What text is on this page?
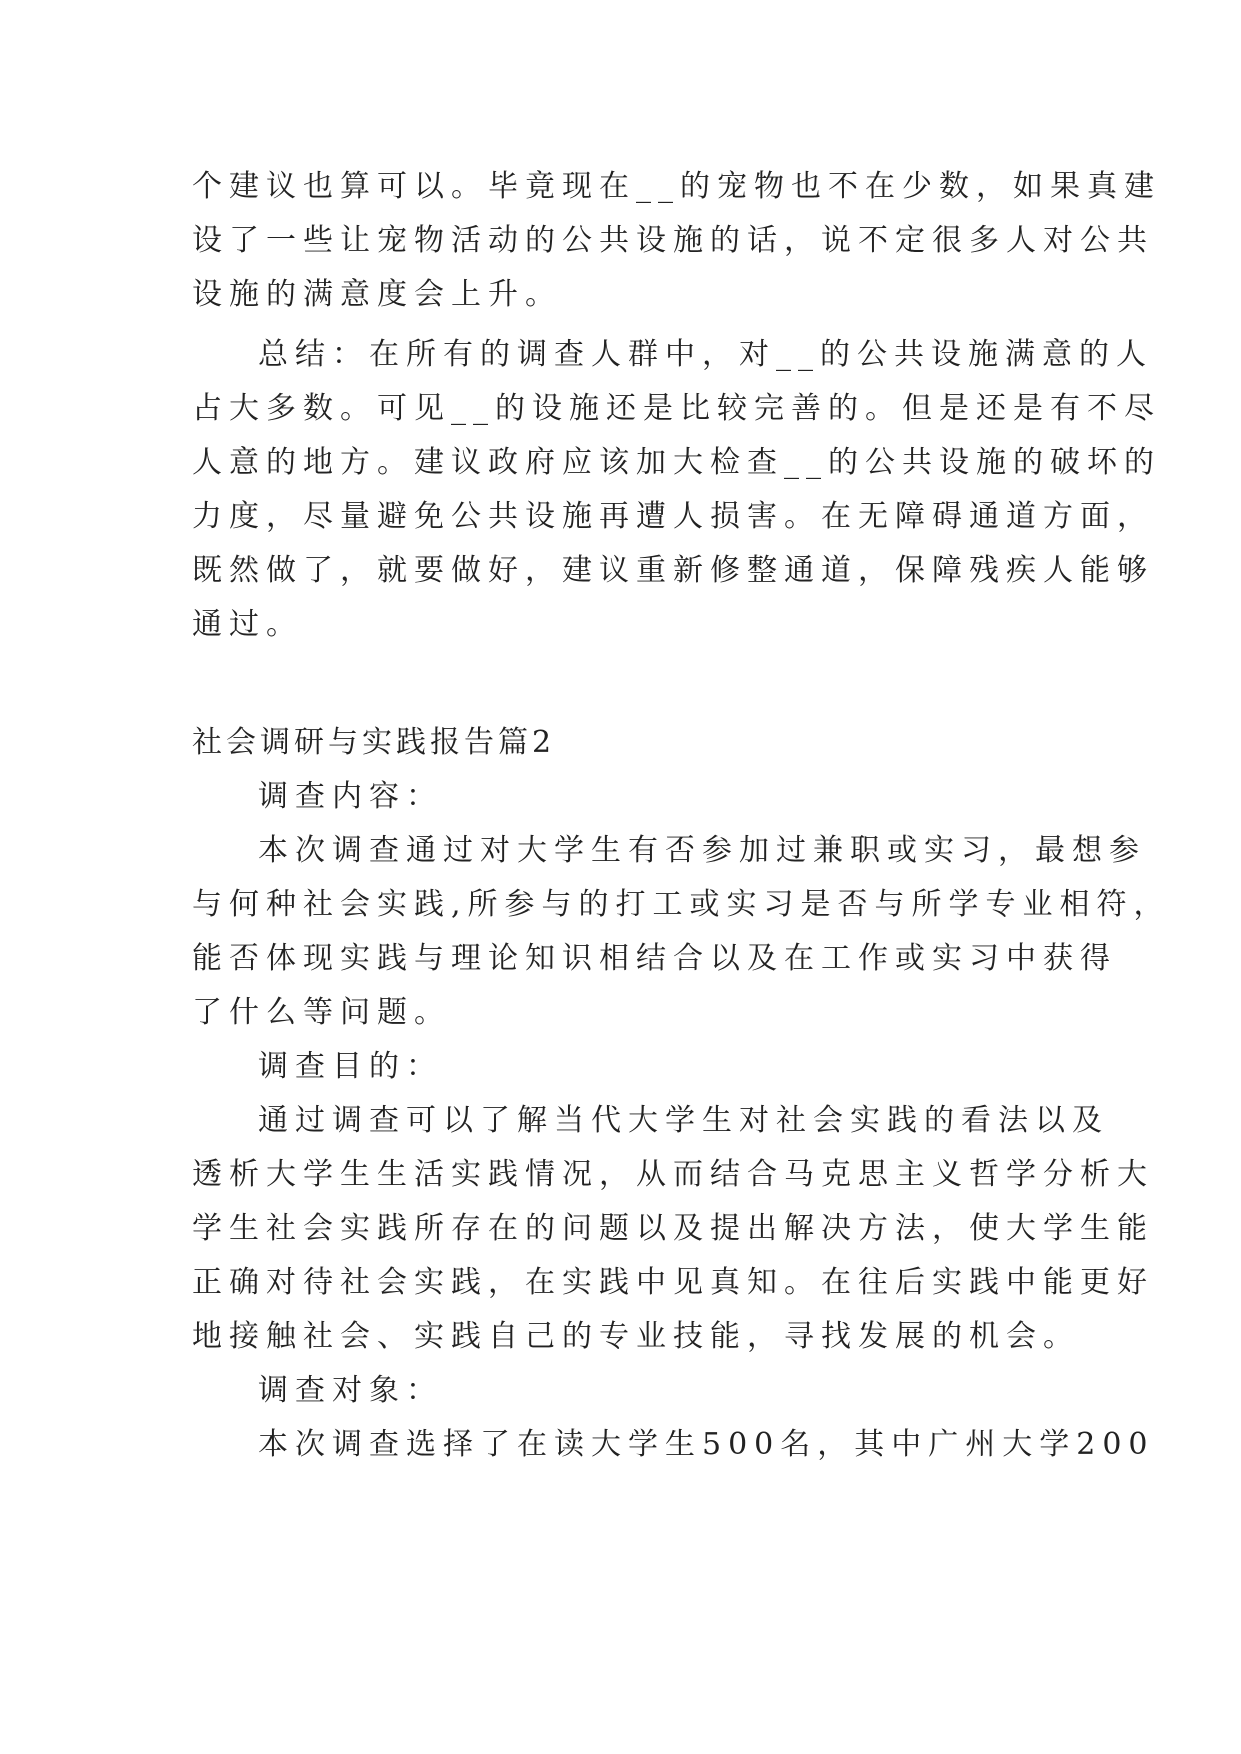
个建议也算可以。毕竟现在__的宠物也不在少数，如果真建
设了一些让宠物活动的公共设施的话，说不定很多人对公共
设施的满意度会上升。
总结：在所有的调查人群中，对__的公共设施满意的人
占大多数。可见__的设施还是比较完善的。但是还是有不尽
人意的地方。建议政府应该加大检查__的公共设施的破坏的
力度，尽量避免公共设施再遭人损害。在无障碍通道方面，
既然做了，就要做好，建议重新修整通道，保障残疾人能够
通过。
社会调研与实践报告篇2
调查内容：
本次调查通过对大学生有否参加过兼职或实习，最想参
与何种社会实践,所参与的打工或实习是否与所学专业相符，
能否体现实践与理论知识相结合以及在工作或实习中获得
了什么等问题。
调查目的：
通过调查可以了解当代大学生对社会实践的看法以及
透析大学生生活实践情况，从而结合马克思主义哲学分析大
学生社会实践所存在的问题以及提出解决方法，使大学生能
正确对待社会实践，在实践中见真知。在往后实践中能更好
地接触社会、实践自己的专业技能，寻找发展的机会。
调查对象：
本次调查选择了在读大学生500名，其中广州大学200
